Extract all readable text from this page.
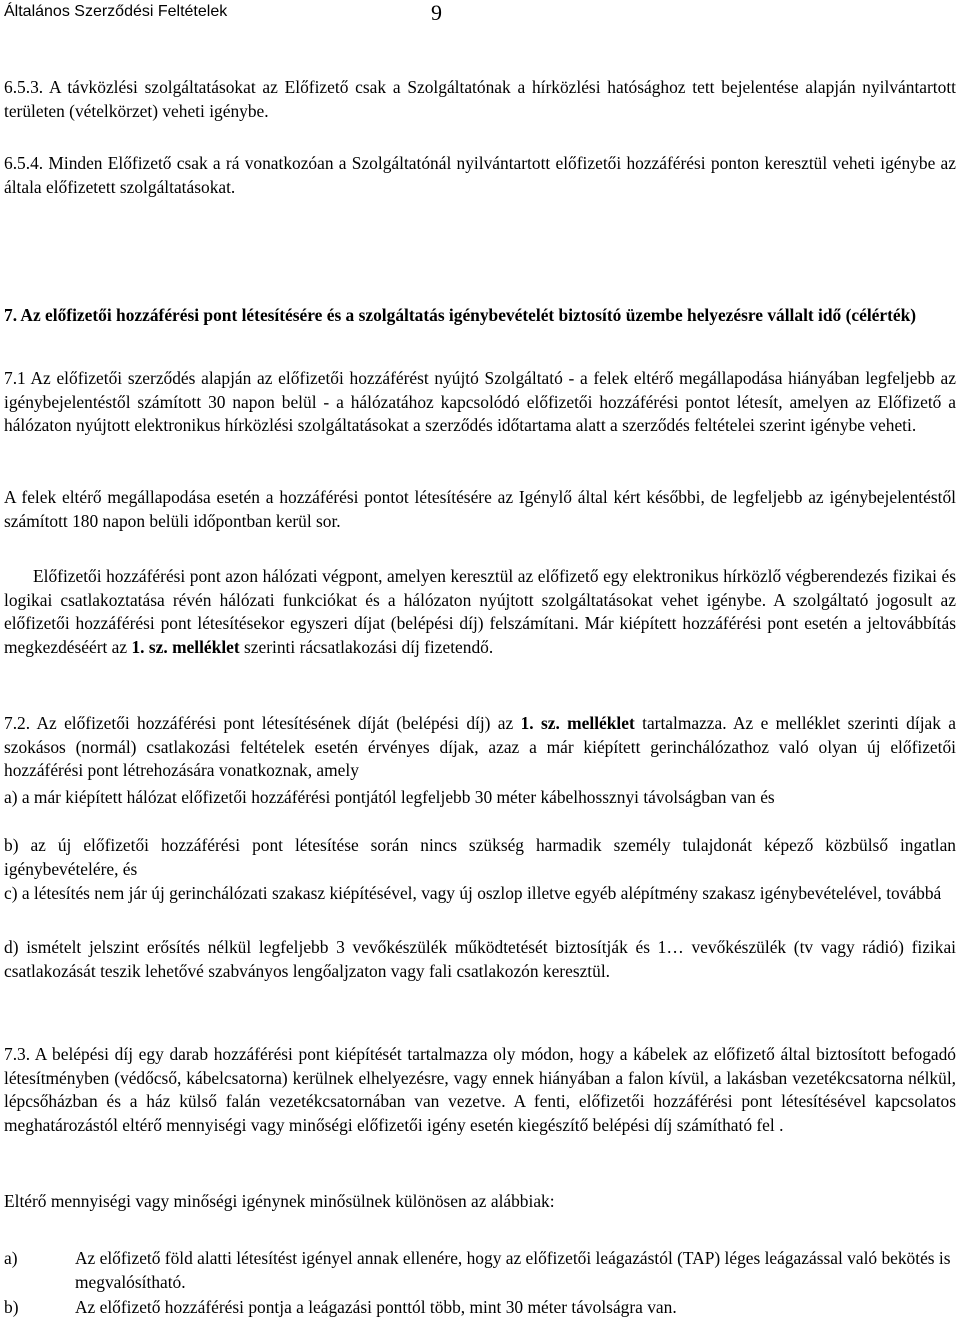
Általános Szerződési Feltételek	9

6.5.3. A távközlési szolgáltatásokat az Előfizető csak a Szolgáltatónak a hírközlési hatósághoz tett bejelentése alapján nyilvántartott területen (vételkörzet) veheti igénybe.

6.5.4. Minden Előfizető csak a rá vonatkozóan a Szolgáltatónál nyilvántartott előfizetői hozzáférési ponton keresztül veheti igénybe az általa előfizetett szolgáltatásokat.

7. Az előfizetői hozzáférési pont létesítésére és a szolgáltatás igénybevételét biztosító üzembe helyezésre vállalt idő (célérték)

7.1 Az előfizetői szerződés alapján az előfizetői hozzáférést nyújtó Szolgáltató - a felek eltérő megállapodása hiányában legfeljebb az igénybejelentéstől számított 30 napon belül - a hálózatához kapcsolódó előfizetői hozzáférési pontot létesít, amelyen az Előfizető a hálózaton nyújtott elektronikus hírközlési szolgáltatásokat a szerződés időtartama alatt a szerződés feltételei szerint igénybe veheti.

A felek eltérő megállapodása esetén a hozzáférési pontot létesítésére az Igénylő által kért későbbi, de legfeljebb az igénybejelentéstől számított 180 napon belüli időpontban kerül sor.

Előfizetői hozzáférési pont azon hálózati végpont, amelyen keresztül az előfizető egy elektronikus hírközlő végberendezés fizikai és logikai csatlakoztatása révén hálózati funkciókat és a hálózaton nyújtott szolgáltatásokat vehet igénybe. A szolgáltató jogosult az előfizetői hozzáférési pont létesítésekor egyszeri díjat (belépési díj) felszámítani. Már kiépített hozzáférési pont esetén a jeltovábbítás megkezdéséért az 1. sz. melléklet szerinti rácsatlakozási díj fizetendő.

7.2. Az előfizetői hozzáférési pont létesítésének díját (belépési díj) az 1. sz. melléklet tartalmazza. Az e melléklet szerinti díjak a szokásos (normál) csatlakozási feltételek esetén érvényes díjak, azaz a már kiépített gerinchálózathoz való olyan új előfizetői hozzáférési pont létrehozására vonatkoznak, amely

a) a már kiépített hálózat előfizetői hozzáférési pontjától legfeljebb 30 méter kábelhossznyi távolságban van és

b) az új előfizetői hozzáférési pont létesítése során nincs szükség harmadik személy tulajdonát képező közbülső ingatlan igénybevételére, és

c) a létesítés nem jár új gerinchálózati szakasz kiépítésével, vagy új oszlop illetve egyéb alépítmény szakasz igénybevételével, továbbá

d) ismételt jelszint erősítés nélkül legfeljebb 3 vevőkészülék működtetését biztosítják és 1… vevőkészülék (tv vagy rádió) fizikai csatlakozását teszik lehetővé szabványos lengőaljzaton vagy fali csatlakozón keresztül.

7.3. A belépési díj egy darab hozzáférési pont kiépítését tartalmazza oly módon, hogy a kábelek az előfizető által biztosított befogadó létesítményben (védőcső, kábelcsatorna) kerülnek elhelyezésre, vagy ennek hiányában a falon kívül, a lakásban vezetékcsatorna nélkül, lépcsőházban és a ház külső falán vezetékcsatornában van vezetve. A fenti, előfizetői hozzáférési pont létesítésével kapcsolatos meghatározástól eltérő mennyiségi vagy minőségi előfizetői igény esetén kiegészítő belépési díj számítható fel .

Eltérő mennyiségi vagy minőségi igénynek minősülnek különösen az alábbiak:

a)	Az előfizető föld alatti létesítést igényel annak ellenére, hogy az előfizetői leágazástól (TAP) léges leágazással való bekötés is megvalósítható.
b)	Az előfizető hozzáférési pontja a leágazási ponttól több, mint 30 méter távolságra van.
